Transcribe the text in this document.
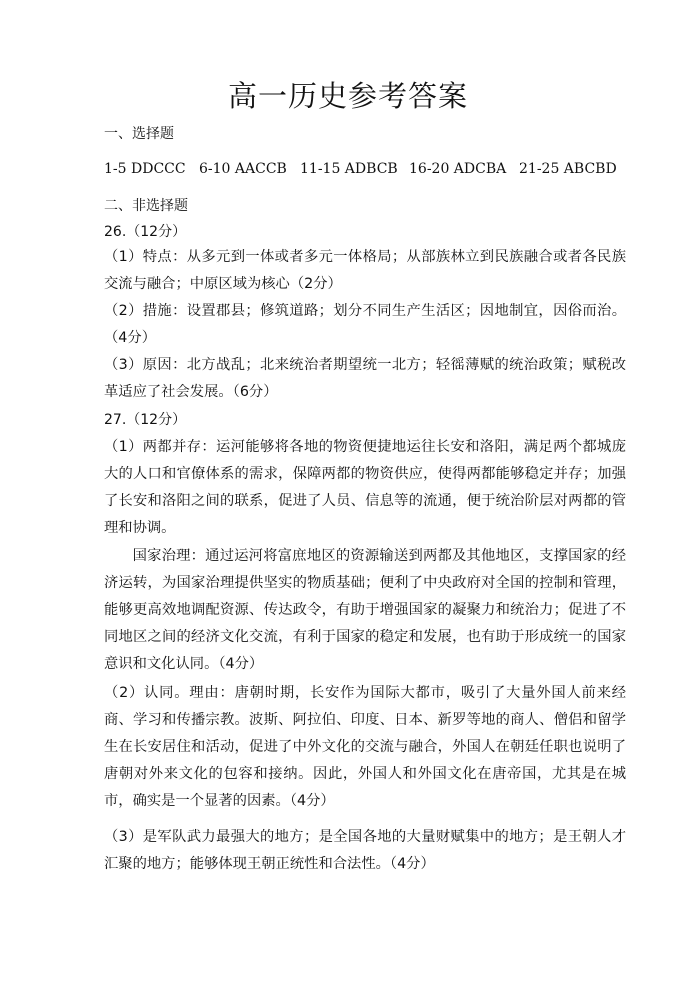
高一历史参考答案
一、选择题
1-5 DDCCC 6-10 AACCB 11-15 ADBCB 16-20 ADCBA 21-25 ABCBD
二、非选择题
26.（12分）
（1）特点：从多元到一体或者多元一体格局；从部族林立到民族融合或者各民族交流与融合；中原区域为核心（2分）
（2）措施：设置郡县；修筑道路；划分不同生产生活区；因地制宜，因俗而治。（4分）
（3）原因：北方战乱；北来统治者期望统一北方；轻徭薄赋的统治政策；赋税改革适应了社会发展。（6分）
27.（12分）
（1）两都并存：运河能够将各地的物资便捷地运往长安和洛阳，满足两个都城庞大的人口和官僚体系的需求，保障两都的物资供应，使得两都能够稳定并存；加强了长安和洛阳之间的联系，促进了人员、信息等的流通，便于统治阶层对两都的管理和协调。
国家治理：通过运河将富庶地区的资源输送到两都及其他地区，支撑国家的经济运转，为国家治理提供坚实的物质基础；便利了中央政府对全国的控制和管理，能够更高效地调配资源、传达政令，有助于增强国家的凝聚力和统治力；促进了不同地区之间的经济文化交流，有利于国家的稳定和发展，也有助于形成统一的国家意识和文化认同。（4分）
（2）认同。理由：唐朝时期，长安作为国际大都市，吸引了大量外国人前来经商、学习和传播宗教。波斯、阿拉伯、印度、日本、新罗等地的商人、僧侣和留学生在长安居住和活动，促进了中外文化的交流与融合，外国人在朝廷任职也说明了唐朝对外来文化的包容和接纳。因此，外国人和外国文化在唐帝国，尤其是在城市，确实是一个显著的因素。（4分）
（3）是军队武力最强大的地方；是全国各地的大量财赋集中的地方；是王朝人才汇聚的地方；能够体现王朝正统性和合法性。（4分）
